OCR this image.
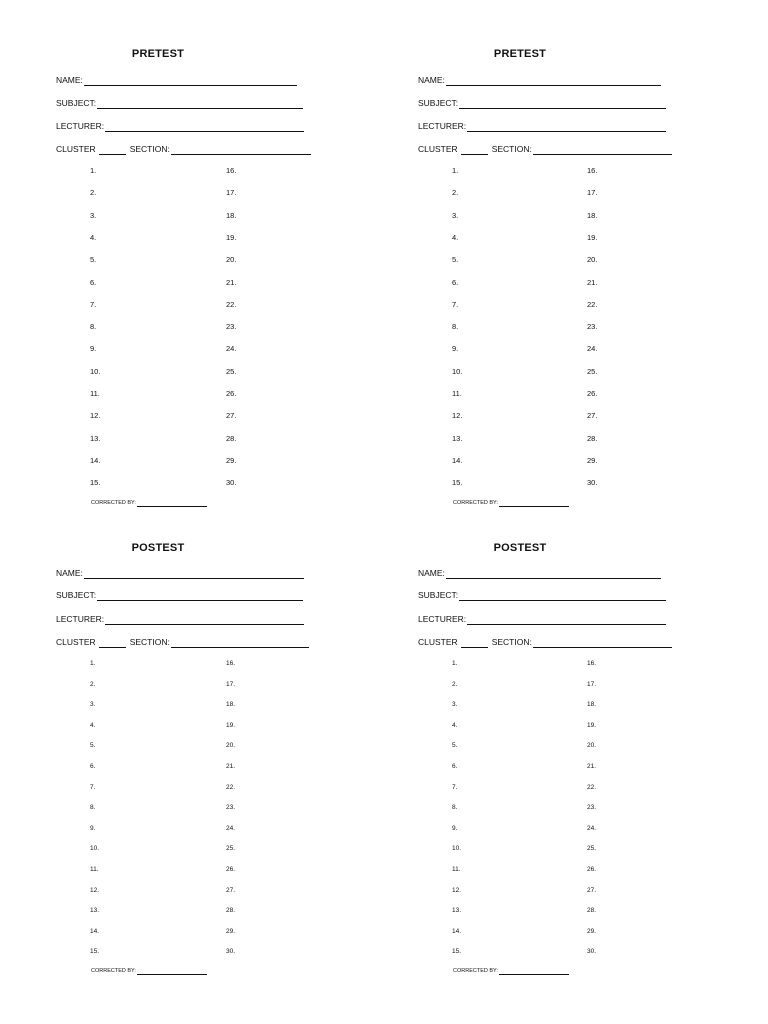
PRETEST
NAME:
SUBJECT:
LECTURER:
CLUSTER	SECTION:
1.	16.
2.	17.
3.	18.
4.	19.
5.	20.
6.	21.
7.	22.
8.	23.
9.	24.
10.	25.
11.	26.
12.	27.
13.	28.
14.	29.
15.	30.
CORRECTED BY:
PRETEST
NAME:
SUBJECT:
LECTURER:
CLUSTER	SECTION:
1.	16.
2.	17.
3.	18.
4.	19.
5.	20.
6.	21.
7.	22.
8.	23.
9.	24.
10.	25.
11.	26.
12.	27.
13.	28.
14.	29.
15.	30.
CORRECTED BY:
POSTEST
NAME:
SUBJECT:
LECTURER:
CLUSTER	SECTION:
1.	16.
2.	17.
3.	18.
4.	19.
5.	20.
6.	21.
7.	22.
8.	23.
9.	24.
10.	25.
11.	26.
12.	27.
13.	28.
14.	29.
15.	30.
CORRECTED BY:
POSTEST
NAME:
SUBJECT:
LECTURER:
CLUSTER	SECTION:
1.	16.
2.	17.
3.	18.
4.	19.
5.	20.
6.	21.
7.	22.
8.	23.
9.	24.
10.	25.
11.	26.
12.	27.
13.	28.
14.	29.
15.	30.
CORRECTED BY:
